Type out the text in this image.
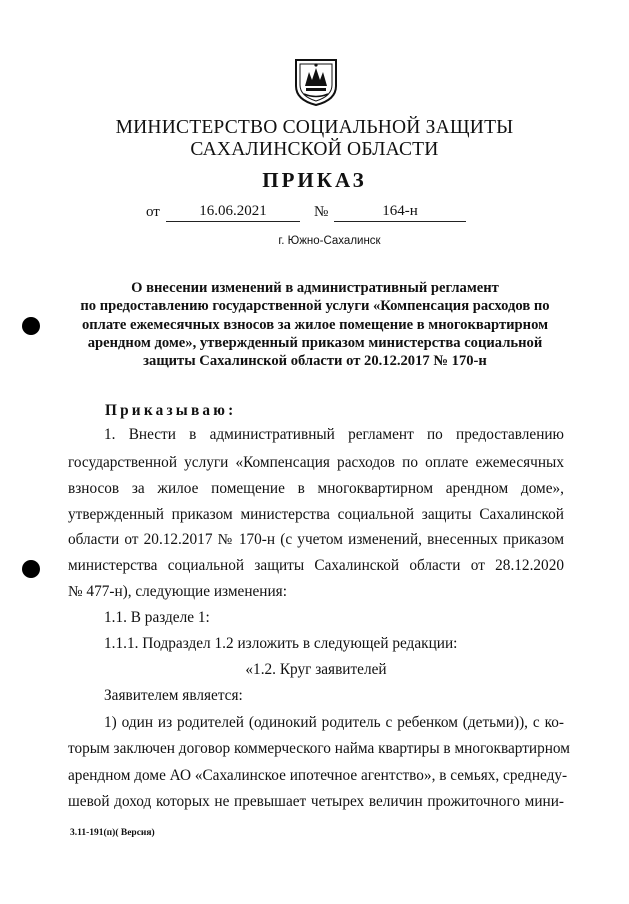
МИНИСТЕРСТВО СОЦИАЛЬНОЙ ЗАЩИТЫ
САХАЛИНСКОЙ ОБЛАСТИ
ПРИКАЗ
от	16.06.2021	№	164-н
г. Южно-Сахалинск
О внесении изменений в административный регламент
по предоставлению государственной услуги «Компенсация расходов по
оплате ежемесячных взносов за жилое помещение в многоквартирном
арендном доме», утвержденный приказом министерства социальной
защиты Сахалинской области от 20.12.2017 № 170-н
Приказываю:
1. Внести в административный регламент по предоставлению
государственной услуги «Компенсация расходов по оплате ежемесячных
взносов за жилое помещение в многоквартирном арендном доме»,
утвержденный приказом министерства социальной защиты Сахалинской
области от 20.12.2017 № 170-н (с учетом изменений, внесенных приказом
министерства социальной защиты Сахалинской области от 28.12.2020
№ 477-н), следующие изменения:
1.1. В разделе 1:
1.1.1. Подраздел 1.2 изложить в следующей редакции:
«1.2. Круг заявителей
Заявителем является:
1) один из родителей (одинокий родитель с ребенком (детьми)), с ко-
торым заключен договор коммерческого найма квартиры в многоквартирном
арендном доме АО «Сахалинское ипотечное агентство», в семьях, среднеду-
шевой доход которых не превышает четырех величин прожиточного мини-
3.11-191(п)( Версия)
